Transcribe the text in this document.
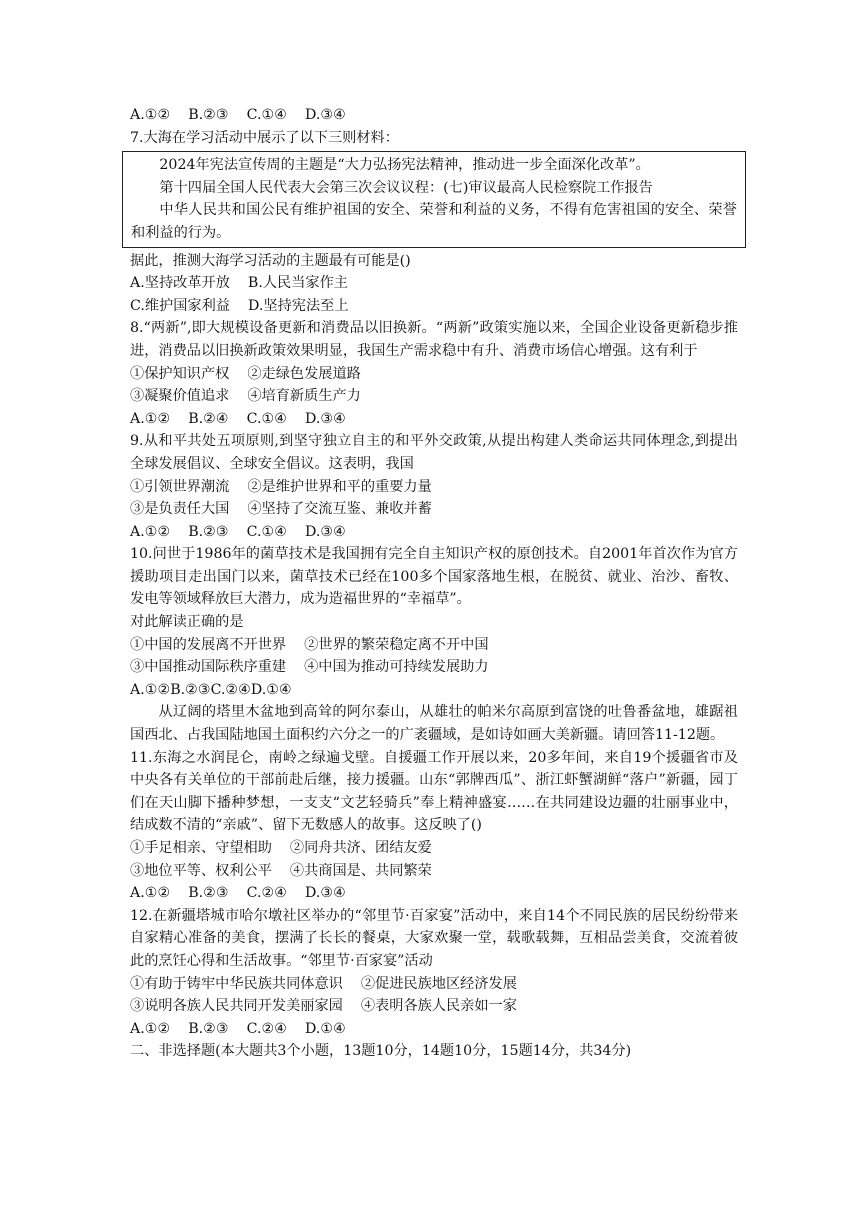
A.①②    B.②③    C.①④    D.③④
7.大海在学习活动中展示了以下三则材料：
2024年宪法宣传周的主题是“大力弘扬宪法精神，推动进一步全面深化改革”。
第十四届全国人民代表大会第三次会议议程：(七)审议最高人民检察院工作报告
中华人民共和国公民有维护祖国的安全、荣誉和利益的义务，不得有危害祖国的安全、荣誉和利益的行为。
据此，推测大海学习活动的主题最有可能是()
A.坚持改革开放    B.人民当家作主
C.维护国家利益    D.坚持宪法至上
8.“两新”,即大规模设备更新和消费品以旧换新。“两新”政策实施以来，全国企业设备更新稳步推进，消费品以旧换新政策效果明显，我国生产需求稳中有升、消费市场信心增强。这有利于
①保护知识产权    ②走绿色发展道路
③凝聚价值追求    ④培育新质生产力
A.①②    B.②④    C.①④    D.③④
9.从和平共处五项原则,到坚守独立自主的和平外交政策,从提出构建人类命运共同体理念,到提出全球发展倡议、全球安全倡议。这表明，我国
①引领世界潮流    ②是维护世界和平的重要力量
③是负责任大国    ④坚持了交流互鉴、兼收并蓄
A.①②    B.②③    C.①④    D.③④
10.问世于1986年的菌草技术是我国拥有完全自主知识产权的原创技术。自2001年首次作为官方援助项目走出国门以来，菌草技术已经在100多个国家落地生根，在脱贫、就业、治沙、畜牧、发电等领域释放巨大潜力，成为造福世界的“幸福草”。
对此解读正确的是
①中国的发展离不开世界    ②世界的繁荣稳定离不开中国
③中国推动国际秩序重建    ④中国为推动可持续发展助力
A.①②B.②③C.②④D.①④
从辽阔的塔里木盆地到高耸的阿尔泰山，从雄壮的帕米尔高原到富饶的吐鲁番盆地，雄踞祖国西北、占我国陆地国土面积约六分之一的广袤疆域，是如诗如画大美新疆。请回答11-12题。
11.东海之水润昆仑，南岭之绿遍戈壁。自援疆工作开展以来，20多年间，来自19个援疆省市及中央各有关单位的干部前赴后继，接力援疆。山东“郭牌西瓜”、浙江虾蟹湖鲜“落户”新疆，园丁们在天山脚下播种梦想，一支支“文艺轻骑兵”奉上精神盛宴……在共同建设边疆的壮丽事业中，结成数不清的“亲戚”、留下无数感人的故事。这反映了()
①手足相亲、守望相助    ②同舟共济、团结友爱
③地位平等、权利公平    ④共商国是、共同繁荣
A.①②    B.②③    C.②④    D.③④
12.在新疆塔城市哈尔墩社区举办的“邻里节·百家宴”活动中，来自14个不同民族的居民纷纷带来自家精心准备的美食，摆满了长长的餐桌，大家欢聚一堂，载歌载舞，互相品尝美食，交流着彼此的烹饪心得和生活故事。“邻里节·百家宴”活动
①有助于铸牢中华民族共同体意识    ②促进民族地区经济发展
③说明各族人民共同开发美丽家园    ④表明各族人民亲如一家
A.①②    B.②③    C.②④    D.①④
二、非选择题(本大题共3个小题，13题10分，14题10分，15题14分，共34分)
